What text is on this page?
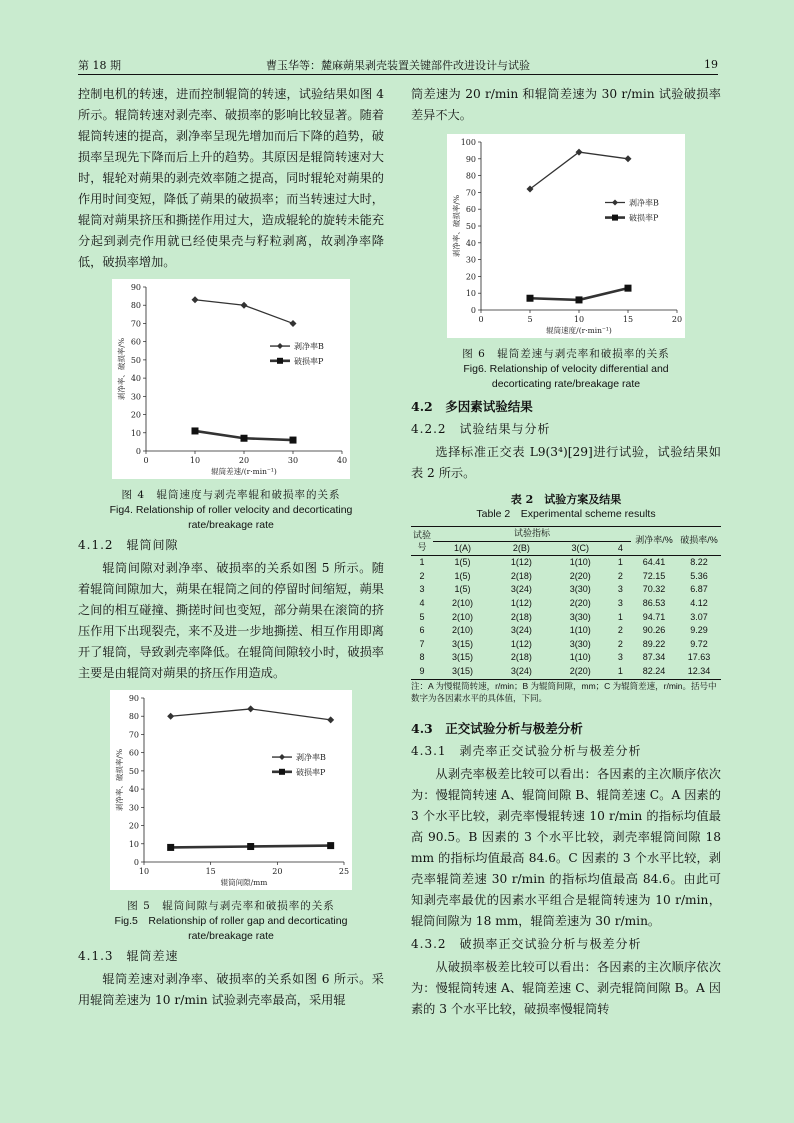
第 18 期	曹玉华等：麓麻蒴果剥壳装置关键部件改进设计与试验	19

控制电机的转速，进而控制辊筒的转速，试验结果如图 4 所示。辊筒转速对剥壳率、破损率的影响比较显著。随着辊筒转速的提高，剥净率呈现先增加而后下降的趋势，破损率呈现先下降而后上升的趋势。其原因是辊筒转速对大时，辊轮对蒴果的剥壳效率随之提高，同时辊轮对蒴果的作用时间变短，降低了蒴果的破损率；而当转速过大时，辊筒对蒴果挤压和撕搓作用过大，造成辊轮的旋转未能充分起到剥壳作用就已经使果壳与籽粒剥离，故剥净率降低，破损率增加。

0
10
20
30
40
50
60
70
80
90
0	10	20	30	40
辊筒差速/(r·min⁻¹)
剥净率、破损率/%	剥净率B
破损率P
图 4　辊筒速度与剥壳率辊和破损率的关系
Fig4. Relationship of roller velocity and decorticating rate/breakage rate
4.1.2　辊筒间隙

辊筒间隙对剥净率、破损率的关系如图 5 所示。随着辊筒间隙加大，蒴果在辊筒之间的停留时间缩短，蒴果之间的相互碰撞、撕搓时间也变短，部分蒴果在滚筒的挤压作用下出现裂壳，来不及进一步地撕搓、相互作用即离开了辊筒，导致剥壳率降低。在辊筒间隙较小时，破损率主要是由辊筒对蒴果的挤压作用造成。

0
10
20
30
40
50
60
70
80
90
10	15	20	25
辊筒间隙/mm
剥净率、破损率/%	剥净率B
破损率P
图 5　辊筒间隙与剥壳率和破损率的关系
Fig.5　Relationship of roller gap and decorticating rate/breakage rate
4.1.3　辊筒差速

辊筒差速对剥净率、破损率的关系如图 6 所示。采用辊筒差速为 10 r/min 试验剥壳率最高，采用辊

筒差速为 20 r/min 和辊筒差速为 30 r/min 试验破损率差异不大。

0
10
20
30
40
50
60
70
80
90
100
0	5	10	15	20
辊筒速度/(r·min⁻¹)
剥净率、破损率/%	剥净率B
破损率P
图 6　辊筒差速与剥壳率和破损率的关系
Fig6. Relationship of velocity differential and decorticating rate/breakage rate
4.2　多因素试验结果
4.2.2　试验结果与分析

选择标准正交表 L9(3⁴)[29]进行试验，试验结果如表 2 所示。

表 2　试验方案及结果
Table 2　Experimental scheme results
试验号	试验指标				剥净率/%	破损率/%
	1(A)	2(B)	3(C)	4		
1	1(5)	1(12)	1(10)	1	64.41	8.22
2	1(5)	2(18)	2(20)	2	72.15	5.36
3	1(5)	3(24)	3(30)	3	70.32	6.87
4	2(10)	1(12)	2(20)	3	86.53	4.12
5	2(10)	2(18)	3(30)	1	94.71	3.07
6	2(10)	3(24)	1(10)	2	90.26	9.29
7	3(15)	1(12)	3(30)	2	89.22	9.72
8	3(15)	2(18)	1(10)	3	87.34	17.63
9	3(15)	3(24)	2(20)	1	82.24	12.34
注：A 为慢辊筒转速，r/min；B 为辊筒间隙，mm；C 为辊筒差速，r/min。括号中数字为各因素水平的具体值，下同。
4.3　正交试验分析与极差分析
4.3.1　剥壳率正交试验分析与极差分析

从剥壳率极差比较可以看出：各因素的主次顺序依次为：慢辊筒转速 A、辊筒间隙 B、辊筒差速 C。A 因素的 3 个水平比较，剥壳率慢辊转速 10 r/min 的指标均值最高 90.5。B 因素的 3 个水平比较，剥壳率辊筒间隙 18 mm 的指标均值最高 84.6。C 因素的 3 个水平比较，剥壳率辊筒差速 30 r/min 的指标均值最高 84.6。由此可知剥壳率最优的因素水平组合是辊筒转速为 10 r/min，辊筒间隙为 18 mm，辊筒差速为 30 r/min。

4.3.2　破损率正交试验分析与极差分析

从破损率极差比较可以看出：各因素的主次顺序依次为：慢辊筒转速 A、辊筒差速 C、剥壳辊筒间隙 B。A 因素的 3 个水平比较，破损率慢辊筒转
